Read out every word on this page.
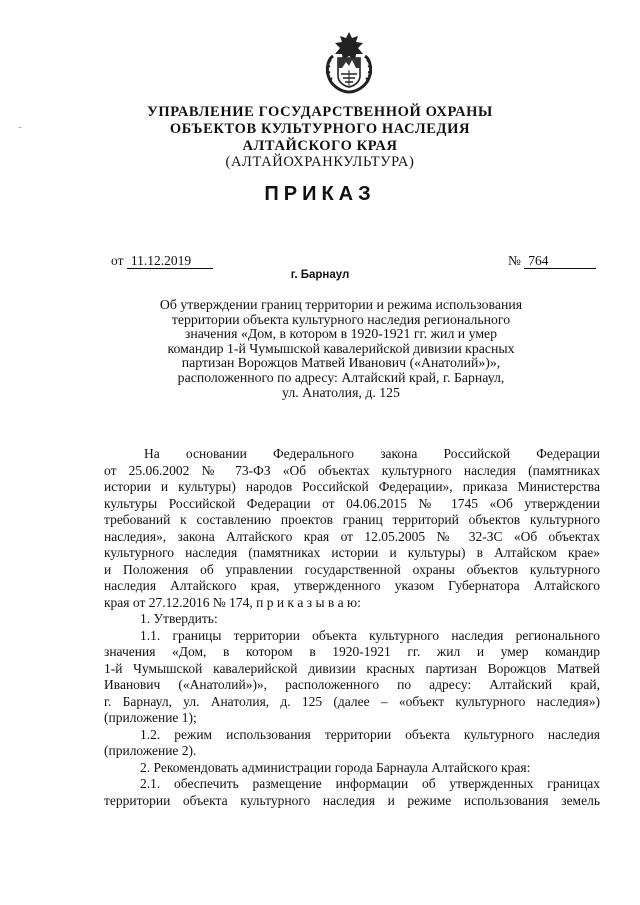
-
УПРАВЛЕНИЕ ГОСУДАРСТВЕННОЙ ОХРАНЫ
ОБЪЕКТОВ КУЛЬТУРНОГО НАСЛЕДИЯ
АЛТАЙСКОГО КРАЯ
(АЛТАЙОХРАНКУЛЬТУРА)
ПРИКАЗ
от 11.12.2019	№ 764
г. Барнаул
Об утверждении границ территории и режима использования
территории объекта культурного наследия регионального
значения «Дом, в котором в 1920-1921 гг. жил и умер
командир 1-й Чумышской кавалерийской дивизии красных
партизан Ворожцов Матвей Иванович («Анатолий»)»,
расположенного по адресу: Алтайский край, г. Барнаул,
ул. Анатолия, д. 125
На основании Федерального закона Российской Федерации
от 25.06.2002 № 73-ФЗ «Об объектах культурного наследия (памятниках
истории и культуры) народов Российской Федерации», приказа Министерства
культуры Российской Федерации от 04.06.2015 № 1745 «Об утверждении
требований к составлению проектов границ территорий объектов культурного
наследия», закона Алтайского края от 12.05.2005 № 32-ЗС «Об объектах
культурного наследия (памятниках истории и культуры) в Алтайском крае»
и Положения об управлении государственной охраны объектов культурного
наследия Алтайского края, утвержденного указом Губернатора Алтайского
края от 27.12.2016 № 174, п р и к а з ы в а ю:
1. Утвердить:
1.1. границы территории объекта культурного наследия регионального
значения «Дом, в котором в 1920-1921 гг. жил и умер командир
1-й Чумышской кавалерийской дивизии красных партизан Ворожцов Матвей
Иванович («Анатолий»)», расположенного по адресу: Алтайский край,
г. Барнаул, ул. Анатолия, д. 125 (далее – «объект культурного наследия»)
(приложение 1);
1.2. режим использования территории объекта культурного наследия
(приложение 2).
2. Рекомендовать администрации города Барнаула Алтайского края:
2.1. обеспечить размещение информации об утвержденных границах
территории объекта культурного наследия и режиме использования земель
